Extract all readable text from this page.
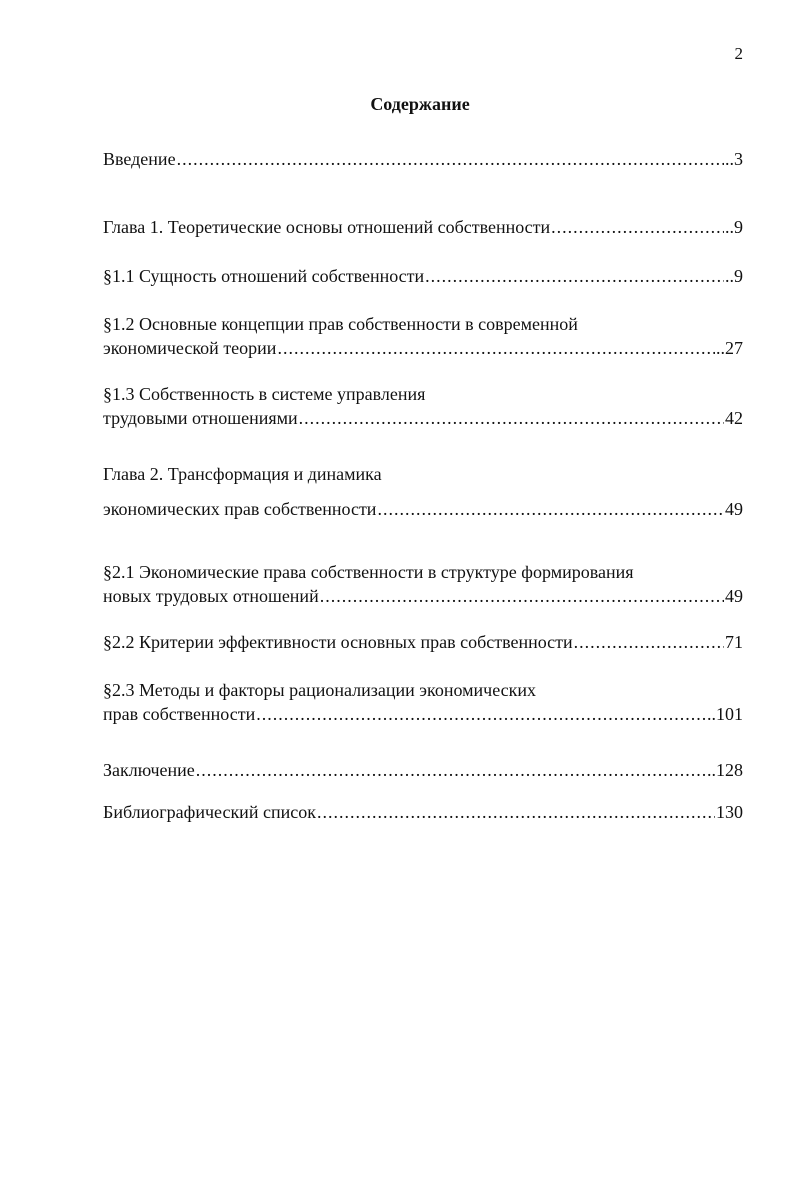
2
Содержание
Введение .....	..3
Глава 1. Теоретические основы отношений собственности .....	..9
§1.1 Сущность отношений собственности .....	..9
§1.2 Основные концепции прав собственности в современной
экономической теории .....	..27
§1.3 Собственность в системе управления
трудовыми отношениями .....	42
Глава 2. Трансформация и динамика
экономических прав собственности .....	49
§2.1 Экономические права собственности в структуре формирования
новых трудовых отношений .....	49
§2.2 Критерии эффективности основных прав собственности .....	71
§2.3 Методы и факторы рационализации экономических
прав собственности .....	..101
Заключение .....	..128
Библиографический список .....	130
